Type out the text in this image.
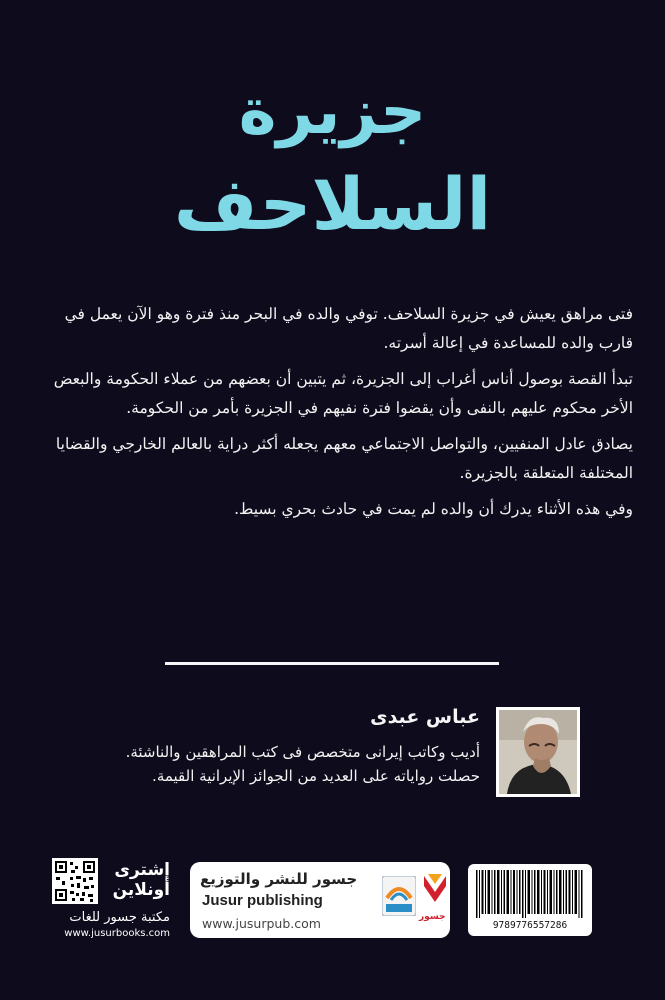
جزيرة
السلاحف

فتى مراهق يعيش في جزيرة السلاحف. توفي والده في البحر منذ فترة وهو الآن يعمل في قارب والده للمساعدة في إعالة أسرته.

تبدأ القصة بوصول أناس أغراب إلى الجزيرة، ثم يتبين أن بعضهم من عملاء الحكومة والبعض الأخر محكوم عليهم بالنفى وأن يقضوا فترة نفيهم في الجزيرة بأمر من الحكومة.

يصادق عادل المنفيين، والتواصل الاجتماعي معهم يجعله أكثر دراية بالعالم الخارجي والقضايا المختلفة المتعلقة بالجزيرة.

وفي هذه الأثناء يدرك أن والده لم يمت في حادث بحري بسيط.

عباس عبدى
أديب وكاتب إيرانى متخصص فى كتب المراهقين والناشئة.
حصلت رواياته على العديد من الجوائز الإيرانية القيمة.
إشترى
أونلاين
مكتبة جسور للغات
www.jusurbooks.com
جسور للنشر والتوزيع
Jusur publishing
www.jusurpub.com	جسور
9789776557286
